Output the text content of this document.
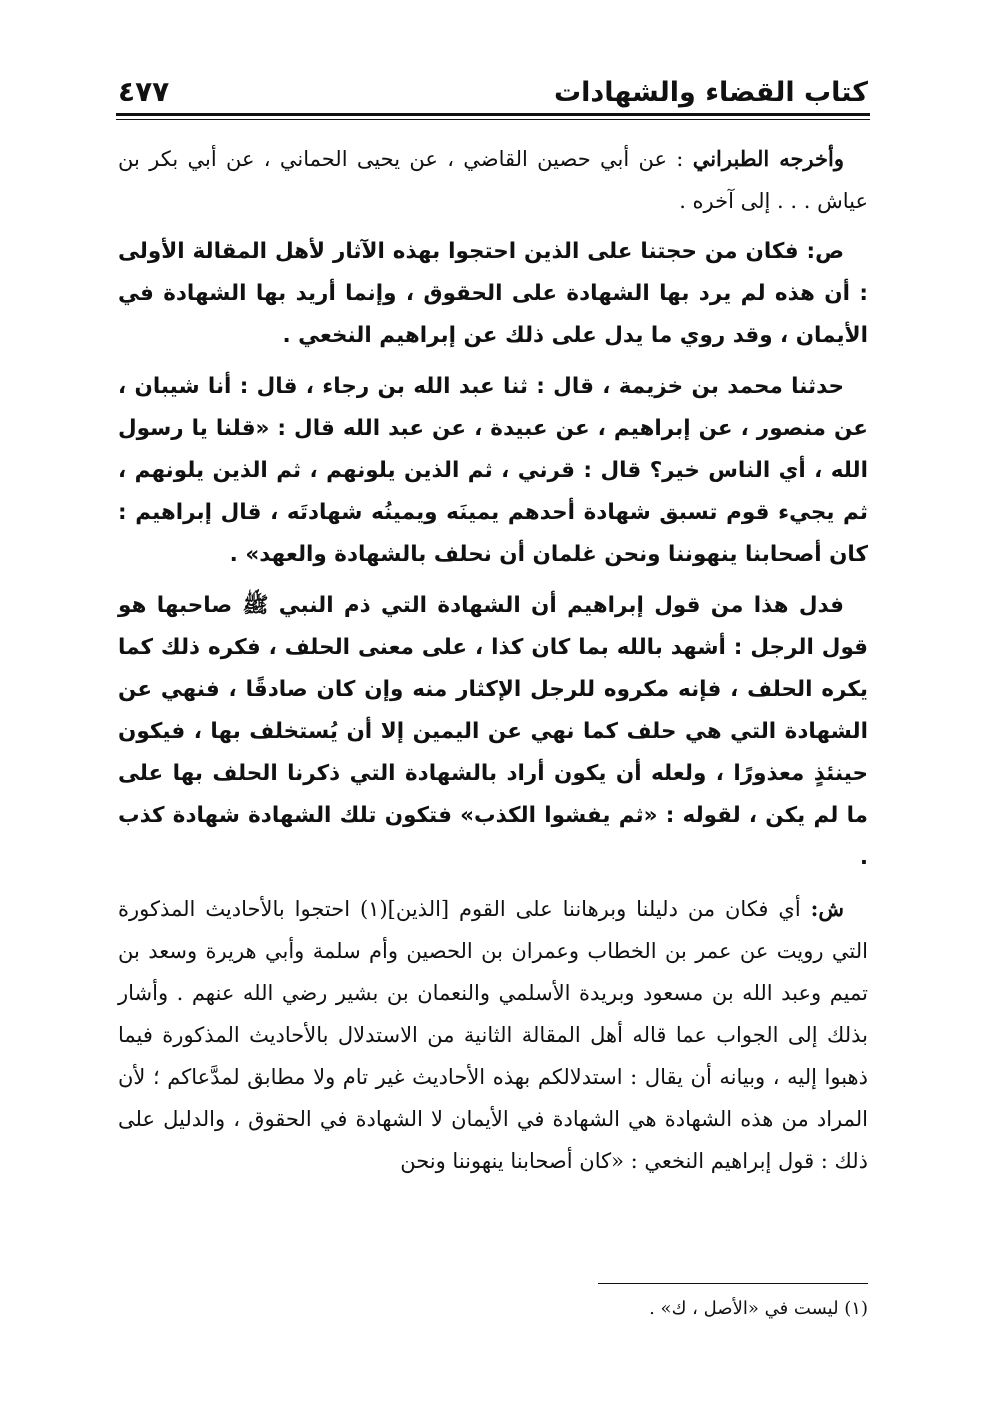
كتاب القضاء والشهادات
٤٧٧

وأخرجه الطبراني : عن أبي حصين القاضي ، عن يحيى الحماني ، عن أبي بكر بن عياش . . . إلى آخره .

ص: فكان من حجتنا على الذين احتجوا بهذه الآثار لأهل المقالة الأولى : أن هذه لم يرد بها الشهادة على الحقوق ، وإنما أريد بها الشهادة في الأيمان ، وقد روي ما يدل على ذلك عن إبراهيم النخعي .

حدثنا محمد بن خزيمة ، قال : ثنا عبد الله بن رجاء ، قال : أنا شيبان ، عن منصور ، عن إبراهيم ، عن عبيدة ، عن عبد الله قال : «قلنا يا رسول الله ، أي الناس خير؟ قال : قرني ، ثم الذين يلونهم ، ثم الذين يلونهم ، ثم يجيء قوم تسبق شهادة أحدهم يمينَه ويمينُه شهادتَه ، قال إبراهيم : كان أصحابنا ينهوننا ونحن غلمان أن نحلف بالشهادة والعهد» .

فدل هذا من قول إبراهيم أن الشهادة التي ذم النبي ﷺ صاحبها هو قول الرجل : أشهد بالله بما كان كذا ، على معنى الحلف ، فكره ذلك كما يكره الحلف ، فإنه مكروه للرجل الإكثار منه وإن كان صادقًا ، فنهي عن الشهادة التي هي حلف كما نهي عن اليمين إلا أن يُستخلف بها ، فيكون حينئذٍ معذورًا ، ولعله أن يكون أراد بالشهادة التي ذكرنا الحلف بها على ما لم يكن ، لقوله : «ثم يفشوا الكذب» فتكون تلك الشهادة شهادة كذب .

ش: أي فكان من دليلنا وبرهاننا على القوم [الذين](١) احتجوا بالأحاديث المذكورة التي رويت عن عمر بن الخطاب وعمران بن الحصين وأم سلمة وأبي هريرة وسعد بن تميم وعبد الله بن مسعود وبريدة الأسلمي والنعمان بن بشير رضي الله عنهم . وأشار بذلك إلى الجواب عما قاله أهل المقالة الثانية من الاستدلال بالأحاديث المذكورة فيما ذهبوا إليه ، وبيانه أن يقال : استدلالكم بهذه الأحاديث غير تام ولا مطابق لمدَّعاكم ؛ لأن المراد من هذه الشهادة هي الشهادة في الأيمان لا الشهادة في الحقوق ، والدليل على ذلك : قول إبراهيم النخعي : «كان أصحابنا ينهوننا ونحن

(١) ليست في «الأصل ، ك» .
